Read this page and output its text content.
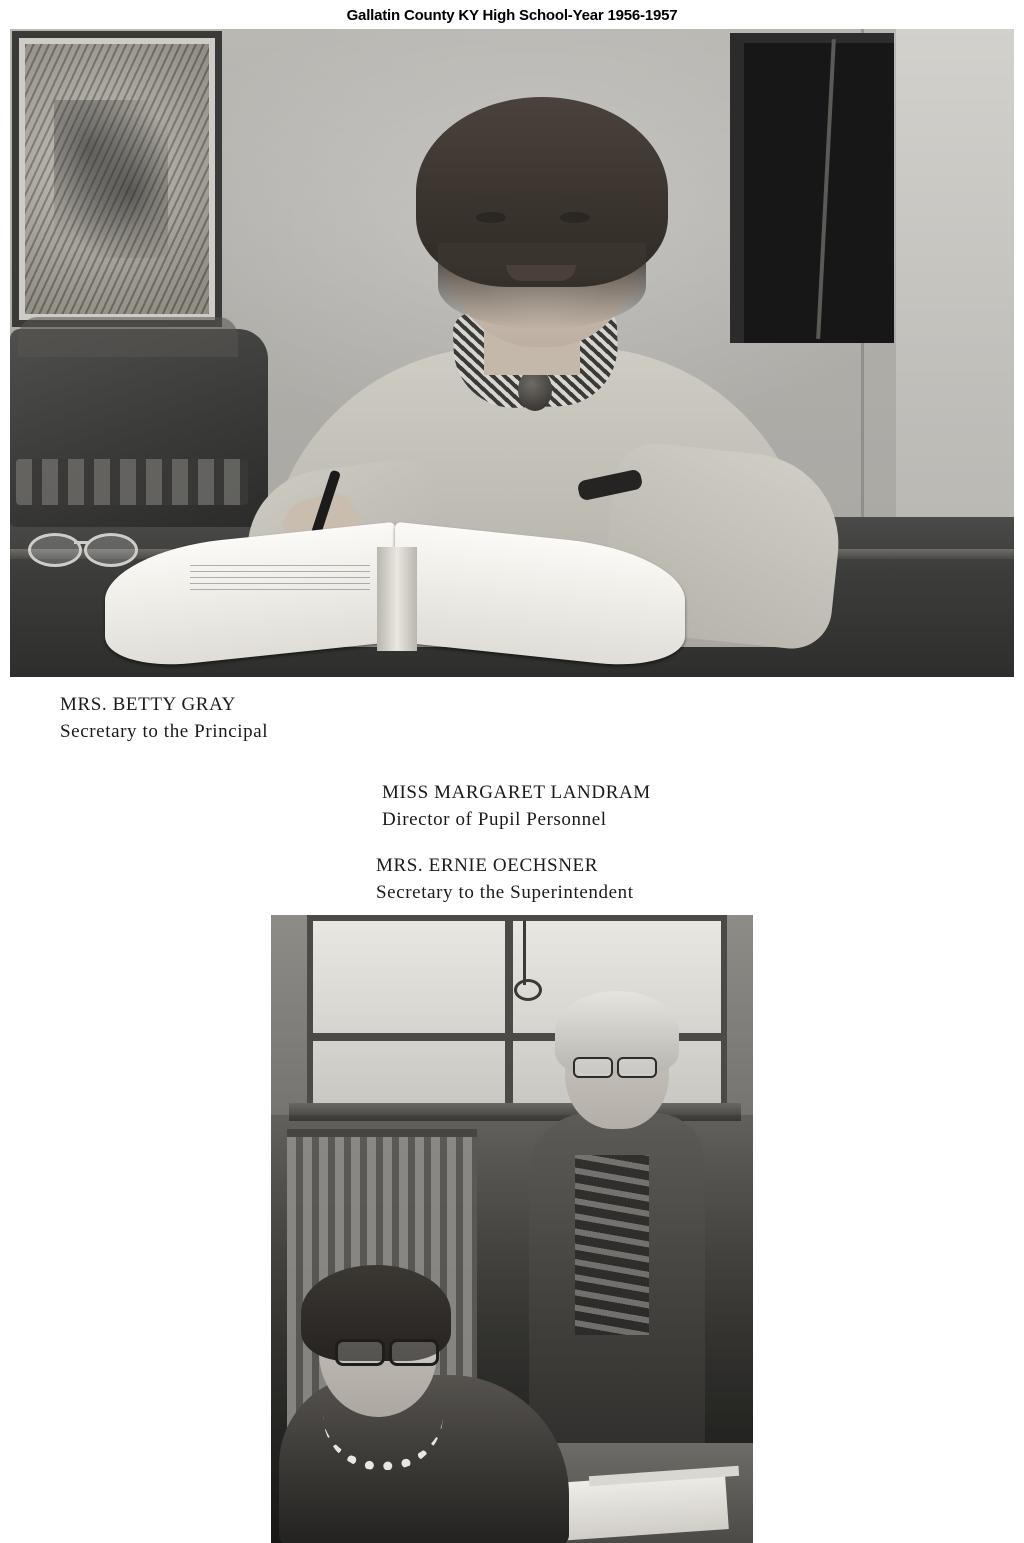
Gallatin County KY High School-Year 1956-1957
MRS. BETTY GRAY
Secretary to the Principal
MISS MARGARET LANDRAM
Director of Pupil Personnel
MRS. ERNIE OECHSNER
Secretary to the Superintendent
